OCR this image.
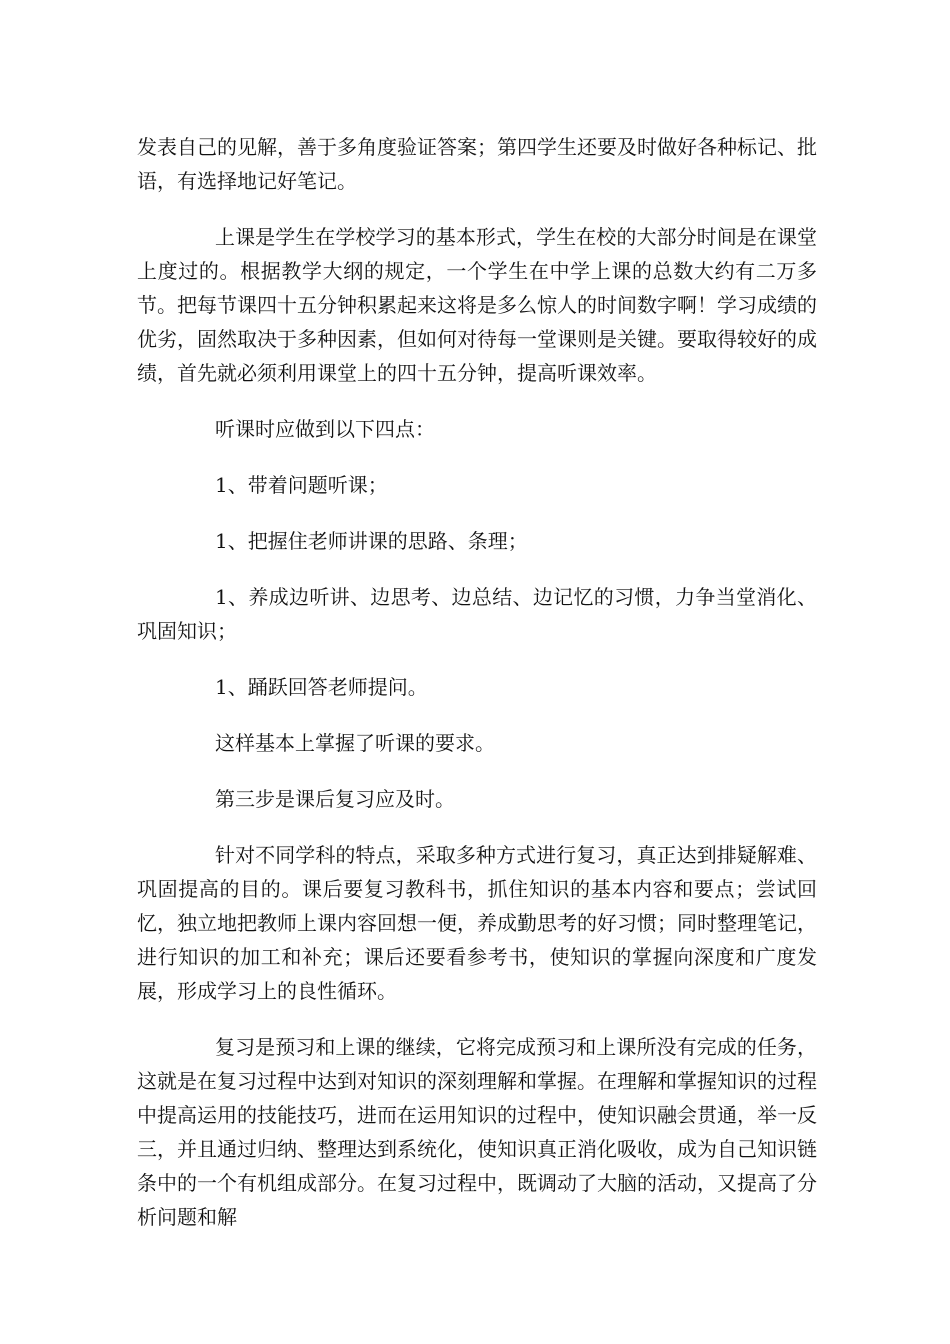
发表自己的见解，善于多角度验证答案；第四学生还要及时做好各种标记、批语，有选择地记好笔记。

上课是学生在学校学习的基本形式，学生在校的大部分时间是在课堂上度过的。根据教学大纲的规定，一个学生在中学上课的总数大约有二万多节。把每节课四十五分钟积累起来这将是多么惊人的时间数字啊！学习成绩的优劣，固然取决于多种因素，但如何对待每一堂课则是关键。要取得较好的成绩，首先就必须利用课堂上的四十五分钟，提高听课效率。

听课时应做到以下四点：

1、带着问题听课；

1、把握住老师讲课的思路、条理；

1、养成边听讲、边思考、边总结、边记忆的习惯，力争当堂消化、巩固知识；

1、踊跃回答老师提问。

这样基本上掌握了听课的要求。

第三步是课后复习应及时。

针对不同学科的特点，采取多种方式进行复习，真正达到排疑解难、巩固提高的目的。课后要复习教科书，抓住知识的基本内容和要点；尝试回忆，独立地把教师上课内容回想一便，养成勤思考的好习惯；同时整理笔记，进行知识的加工和补充；课后还要看参考书，使知识的掌握向深度和广度发展，形成学习上的良性循环。

复习是预习和上课的继续，它将完成预习和上课所没有完成的任务，这就是在复习过程中达到对知识的深刻理解和掌握。在理解和掌握知识的过程中提高运用的技能技巧，进而在运用知识的过程中，使知识融会贯通，举一反三，并且通过归纳、整理达到系统化，使知识真正消化吸收，成为自己知识链条中的一个有机组成部分。在复习过程中，既调动了大脑的活动，又提高了分析问题和解
